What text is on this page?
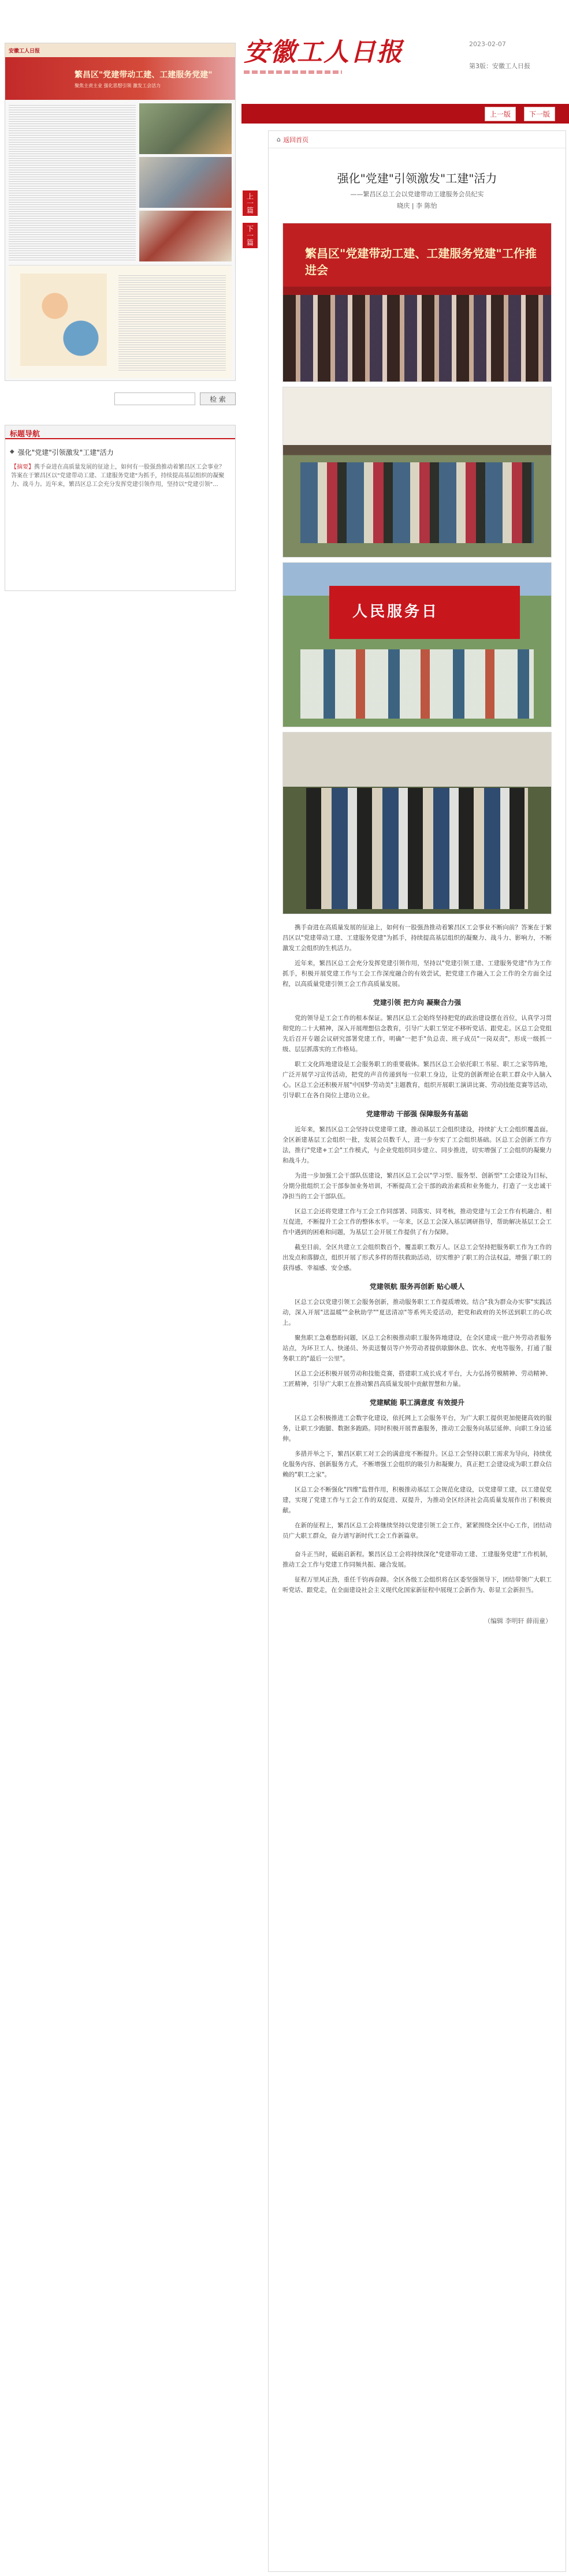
安徽工人日报
繁昌区"党建带动工建、工建服务党建"
聚焦主责主业 强化思想引领 激发工会活力
检 索
标题导航
◆ 强化"党建"引领激发"工建"活力
【摘要】携手奋进在高质量发展的征途上，如何有一股强劲推动着繁昌区工会事业？答案在于繁昌区以"党建带动工建、工建服务党建"为抓手，持续提高基层组织的凝聚力、战斗力。近年来，繁昌区总工会充分发挥党建引领作用，坚持以"党建引领"...
安徽工人日报	2023-02-07
第3版：安徽工人日报
上一版	下一版
上一篇
下一篇
⌂ 返回首页
强化"党建"引领激发"工建"活力
——繁昌区总工会以党建带动工建服务会员纪实
晓庆 | 李 陈怡
繁昌区"党建带动工建、工建服务党建"工作推进会
人民服务日

携手奋进在高质量发展的征途上，如何有一股强劲推动着繁昌区工会事业不断向前？答案在于繁昌区以"党建带动工建、工建服务党建"为抓手，持续提高基层组织的凝聚力、战斗力、影响力，不断激发工会组织的生机活力。

近年来，繁昌区总工会充分发挥党建引领作用，坚持以"党建引领工建、工建服务党建"作为工作抓手，积极开展党建工作与工会工作深度融合的有效尝试，把党建工作融入工会工作的全方面全过程，以高质量党建引领工会工作高质量发展。

党建引领 把方向 凝聚合力强

党的领导是工会工作的根本保证。繁昌区总工会始终坚持把党的政治建设摆在首位，认真学习贯彻党的二十大精神，深入开展理想信念教育，引导广大职工坚定不移听党话、跟党走。区总工会党组先后召开专题会议研究部署党建工作，明确"一把手"负总责、班子成员"一岗双责"，形成一级抓一级、层层抓落实的工作格局。

职工文化阵地建设是工会服务职工的重要载体。繁昌区总工会依托职工书屋、职工之家等阵地，广泛开展学习宣传活动，把党的声音传递到每一位职工身边，让党的创新理论在职工群众中入脑入心。区总工会还积极开展"中国梦·劳动美"主题教育，组织开展职工演讲比赛、劳动技能竞赛等活动，引导职工在各自岗位上建功立业。

党建带动 干部强 保障服务有基础

近年来，繁昌区总工会坚持以党建带工建，推动基层工会组织建设，持续扩大工会组织覆盖面。全区新建基层工会组织一批，发展会员数千人，进一步夯实了工会组织基础。区总工会创新工作方法，推行"党建+工会"工作模式，与企业党组织同步建立、同步推进，切实增强了工会组织的凝聚力和战斗力。

为进一步加强工会干部队伍建设，繁昌区总工会以"学习型、服务型、创新型"工会建设为目标，分期分批组织工会干部参加业务培训，不断提高工会干部的政治素质和业务能力，打造了一支忠诚干净担当的工会干部队伍。

区总工会还将党建工作与工会工作同部署、同落实、同考核，推动党建与工会工作有机融合、相互促进，不断提升工会工作的整体水平。一年来，区总工会深入基层调研指导，帮助解决基层工会工作中遇到的困难和问题，为基层工会开展工作提供了有力保障。

截至目前，全区共建立工会组织数百个，覆盖职工数万人。区总工会坚持把服务职工作为工作的出发点和落脚点，组织开展了形式多样的帮扶救助活动，切实维护了职工的合法权益，增强了职工的获得感、幸福感、安全感。

党建领航 服务再创新 贴心暖人

区总工会以党建引领工会服务创新，推动服务职工工作提质增效。结合"我为群众办实事"实践活动，深入开展"送温暖""金秋助学""夏送清凉"等系列关爱活动，把党和政府的关怀送到职工的心坎上。

聚焦职工急难愁盼问题，区总工会积极推动职工服务阵地建设，在全区建成一批户外劳动者服务站点，为环卫工人、快递员、外卖送餐员等户外劳动者提供歇脚休息、饮水、充电等服务，打通了服务职工的"最后一公里"。

区总工会还积极开展劳动和技能竞赛，搭建职工成长成才平台，大力弘扬劳模精神、劳动精神、工匠精神，引导广大职工在推动繁昌高质量发展中贡献智慧和力量。

党建赋能 职工满意度 有效提升

区总工会积极推进工会数字化建设，依托网上工会服务平台，为广大职工提供更加便捷高效的服务，让职工少跑腿、数据多跑路。同时积极开展普惠服务，推动工会服务向基层延伸、向职工身边延伸。

多措并举之下，繁昌区职工对工会的满意度不断提升。区总工会坚持以职工需求为导向，持续优化服务内容、创新服务方式，不断增强工会组织的吸引力和凝聚力，真正把工会建设成为职工群众信赖的"职工之家"。

区总工会不断强化"四维"监督作用，积极推动基层工会规范化建设，以党建带工建，以工建促党建，实现了党建工作与工会工作的双促进、双提升，为推动全区经济社会高质量发展作出了积极贡献。

在新的征程上，繁昌区总工会将继续坚持以党建引领工会工作，紧紧围绕全区中心工作，团结动员广大职工群众，奋力谱写新时代工会工作新篇章。

奋斗正当时，砥砺启新程。繁昌区总工会将持续深化"党建带动工建、工建服务党建"工作机制，推动工会工作与党建工作同频共振、融合发展。

征程万里风正劲，重任千钧再奋蹄。全区各级工会组织将在区委坚强领导下，团结带领广大职工听党话、跟党走，在全面建设社会主义现代化国家新征程中展现工会新作为、彰显工会新担当。

（编辑 李明轩 薛雨童）
